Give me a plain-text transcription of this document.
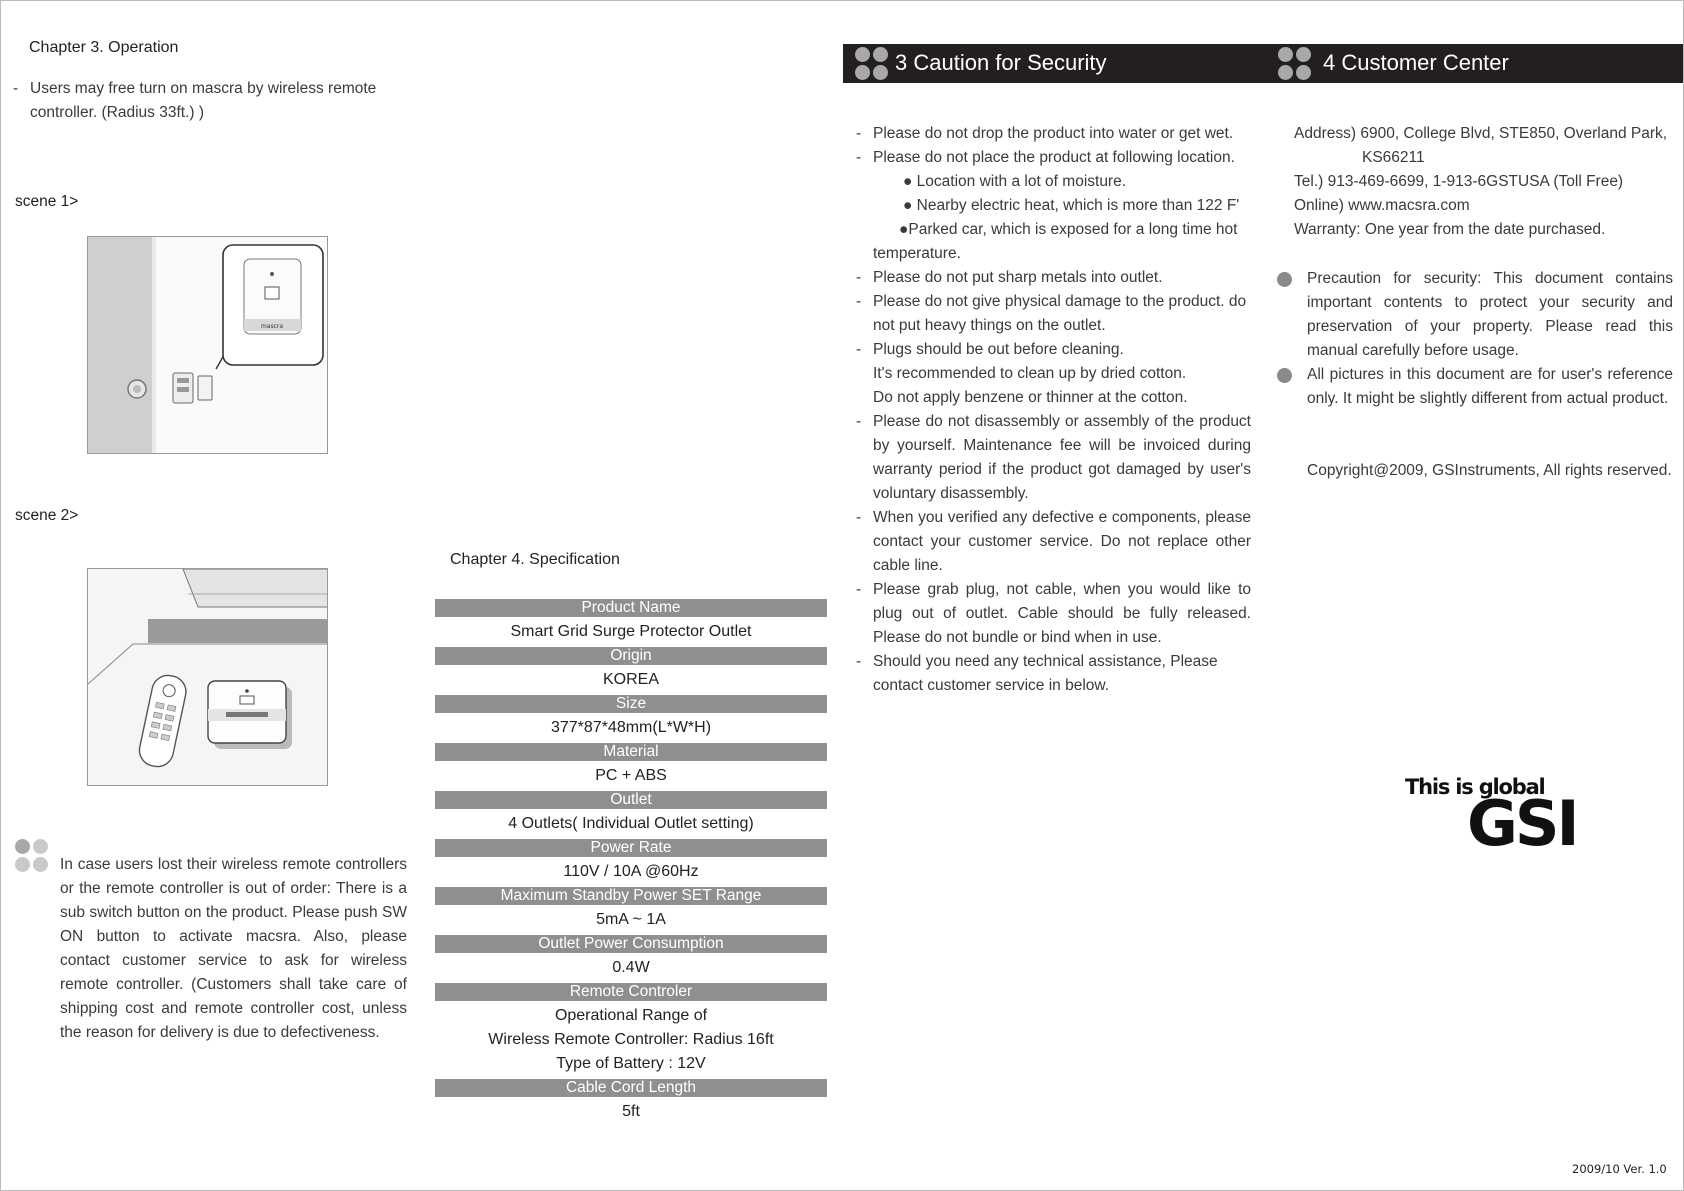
Chapter 3. Operation
- Users may free turn on mascra by wireless remote controller. (Radius 33ft.) )
scene 1>
mascra
scene 2>
In case users lost their wireless remote controllers or the remote controller is out of order: There is a sub switch button on the product. Please push SW ON button to activate macsra. Also, please contact customer service to ask for wireless remote controller. (Customers shall take care of shipping cost and remote controller cost, unless the reason for delivery is due to defectiveness.
Chapter 4. Specification
Product Name
Smart Grid Surge Protector Outlet
Origin
KOREA
Size
377*87*48mm(L*W*H)
Material
PC + ABS
Outlet
4 Outlets( Individual Outlet setting)
Power Rate
110V / 10A @60Hz
Maximum Standby Power SET Range
5mA ~ 1A
Outlet Power Consumption
0.4W
Remote Controler
Operational Range of
Wireless Remote Controller: Radius 16ft
Type of Battery : 12V
Cable Cord Length
5ft
3 Caution for Security	4 Customer Center
- Please do not drop the product into water or get wet.
- Please do not place the product at following location.
● Location with a lot of moisture.
● Nearby electric heat, which is more than 122 F'
●Parked car, which is exposed for a long time hot
temperature.
- Please do not put sharp metals into outlet.
- Please do not give physical damage to the product. do not put heavy things on the outlet.
- Plugs should be out before cleaning.
It's recommended to clean up by dried cotton.
Do not apply benzene or thinner at the cotton.
- Please do not disassembly or assembly of the product by yourself. Maintenance fee will be invoiced during warranty period if the product got damaged by user's voluntary disassembly.
- When you verified any defective e components, please contact your customer service. Do not replace other cable line.
- Please grab plug, not cable, when you would like to plug out of outlet. Cable should be fully released. Please do not bundle or bind when in use.
- Should you need any technical assistance, Please contact customer service in below.
Address) 6900, College Blvd, STE850, Overland Park,
KS66211
Tel.) 913-469-6699, 1-913-6GSTUSA (Toll Free)
Online) www.macsra.com
Warranty: One year from the date purchased.
Precaution for security: This document contains important contents to protect your security and preservation of your property. Please read this manual carefully before usage.
All pictures in this document are for user's reference only. It might be slightly different from actual product.
Copyright@2009, GSInstruments, All rights reserved.
This is global
GSI
2009/10 Ver. 1.0
